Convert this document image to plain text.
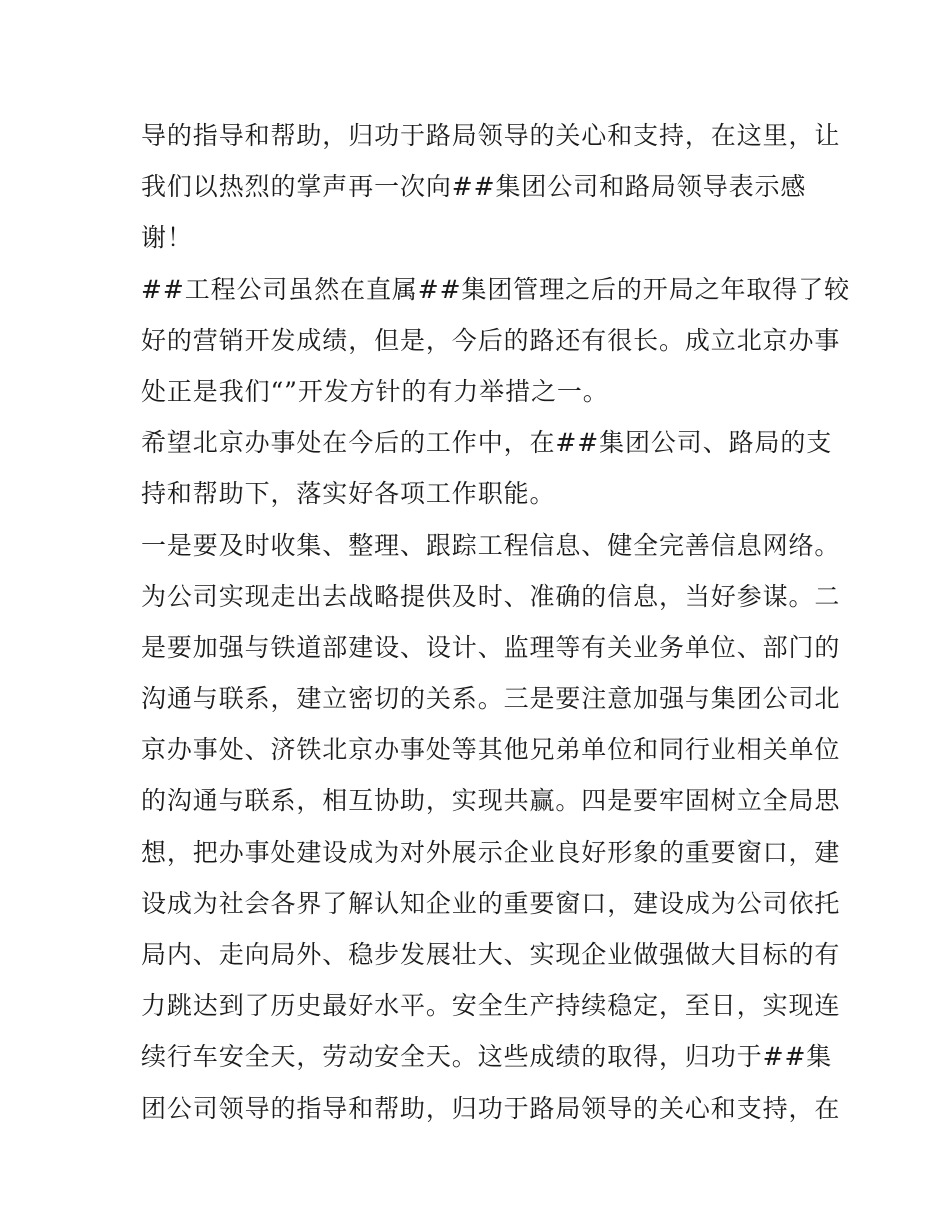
导的指导和帮助，归功于路局领导的关心和支持，在这里，让
我们以热烈的掌声再一次向##集团公司和路局领导表示感
谢！
##工程公司虽然在直属##集团管理之后的开局之年取得了较
好的营销开发成绩，但是，今后的路还有很长。成立北京办事
处正是我们“”开发方针的有力举措之一。
希望北京办事处在今后的工作中，在##集团公司、路局的支
持和帮助下，落实好各项工作职能。
一是要及时收集、整理、跟踪工程信息、健全完善信息网络。
为公司实现走出去战略提供及时、准确的信息，当好参谋。二
是要加强与铁道部建设、设计、监理等有关业务单位、部门的
沟通与联系，建立密切的关系。三是要注意加强与集团公司北
京办事处、济铁北京办事处等其他兄弟单位和同行业相关单位
的沟通与联系，相互协助，实现共赢。四是要牢固树立全局思
想，把办事处建设成为对外展示企业良好形象的重要窗口，建
设成为社会各界了解认知企业的重要窗口，建设成为公司依托
局内、走向局外、稳步发展壮大、实现企业做强做大目标的有
力跳达到了历史最好水平。安全生产持续稳定，至日，实现连
续行车安全天，劳动安全天。这些成绩的取得，归功于##集
团公司领导的指导和帮助，归功于路局领导的关心和支持，在
